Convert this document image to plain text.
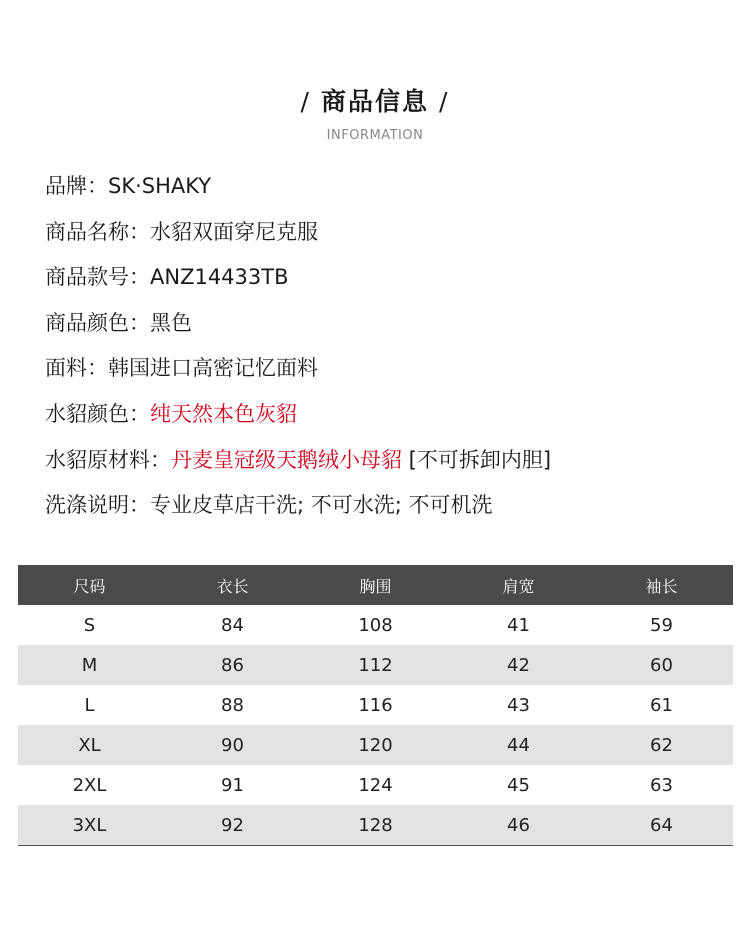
/ 商品信息 /
INFORMATION
品牌：SK·SHAKY
商品名称：水貂双面穿尼克服
商品款号：ANZ14433TB
商品颜色：黑色
面料：韩国进口高密记忆面料
水貂颜色：纯天然本色灰貂
水貂原材料：丹麦皇冠级天鹅绒小母貂 [不可拆卸内胆]
洗涤说明：专业皮草店干洗; 不可水洗; 不可机洗
尺码	衣长	胸围	肩宽	袖长
S	84	108	41	59
M	86	112	42	60
L	88	116	43	61
XL	90	120	44	62
2XL	91	124	45	63
3XL	92	128	46	64
